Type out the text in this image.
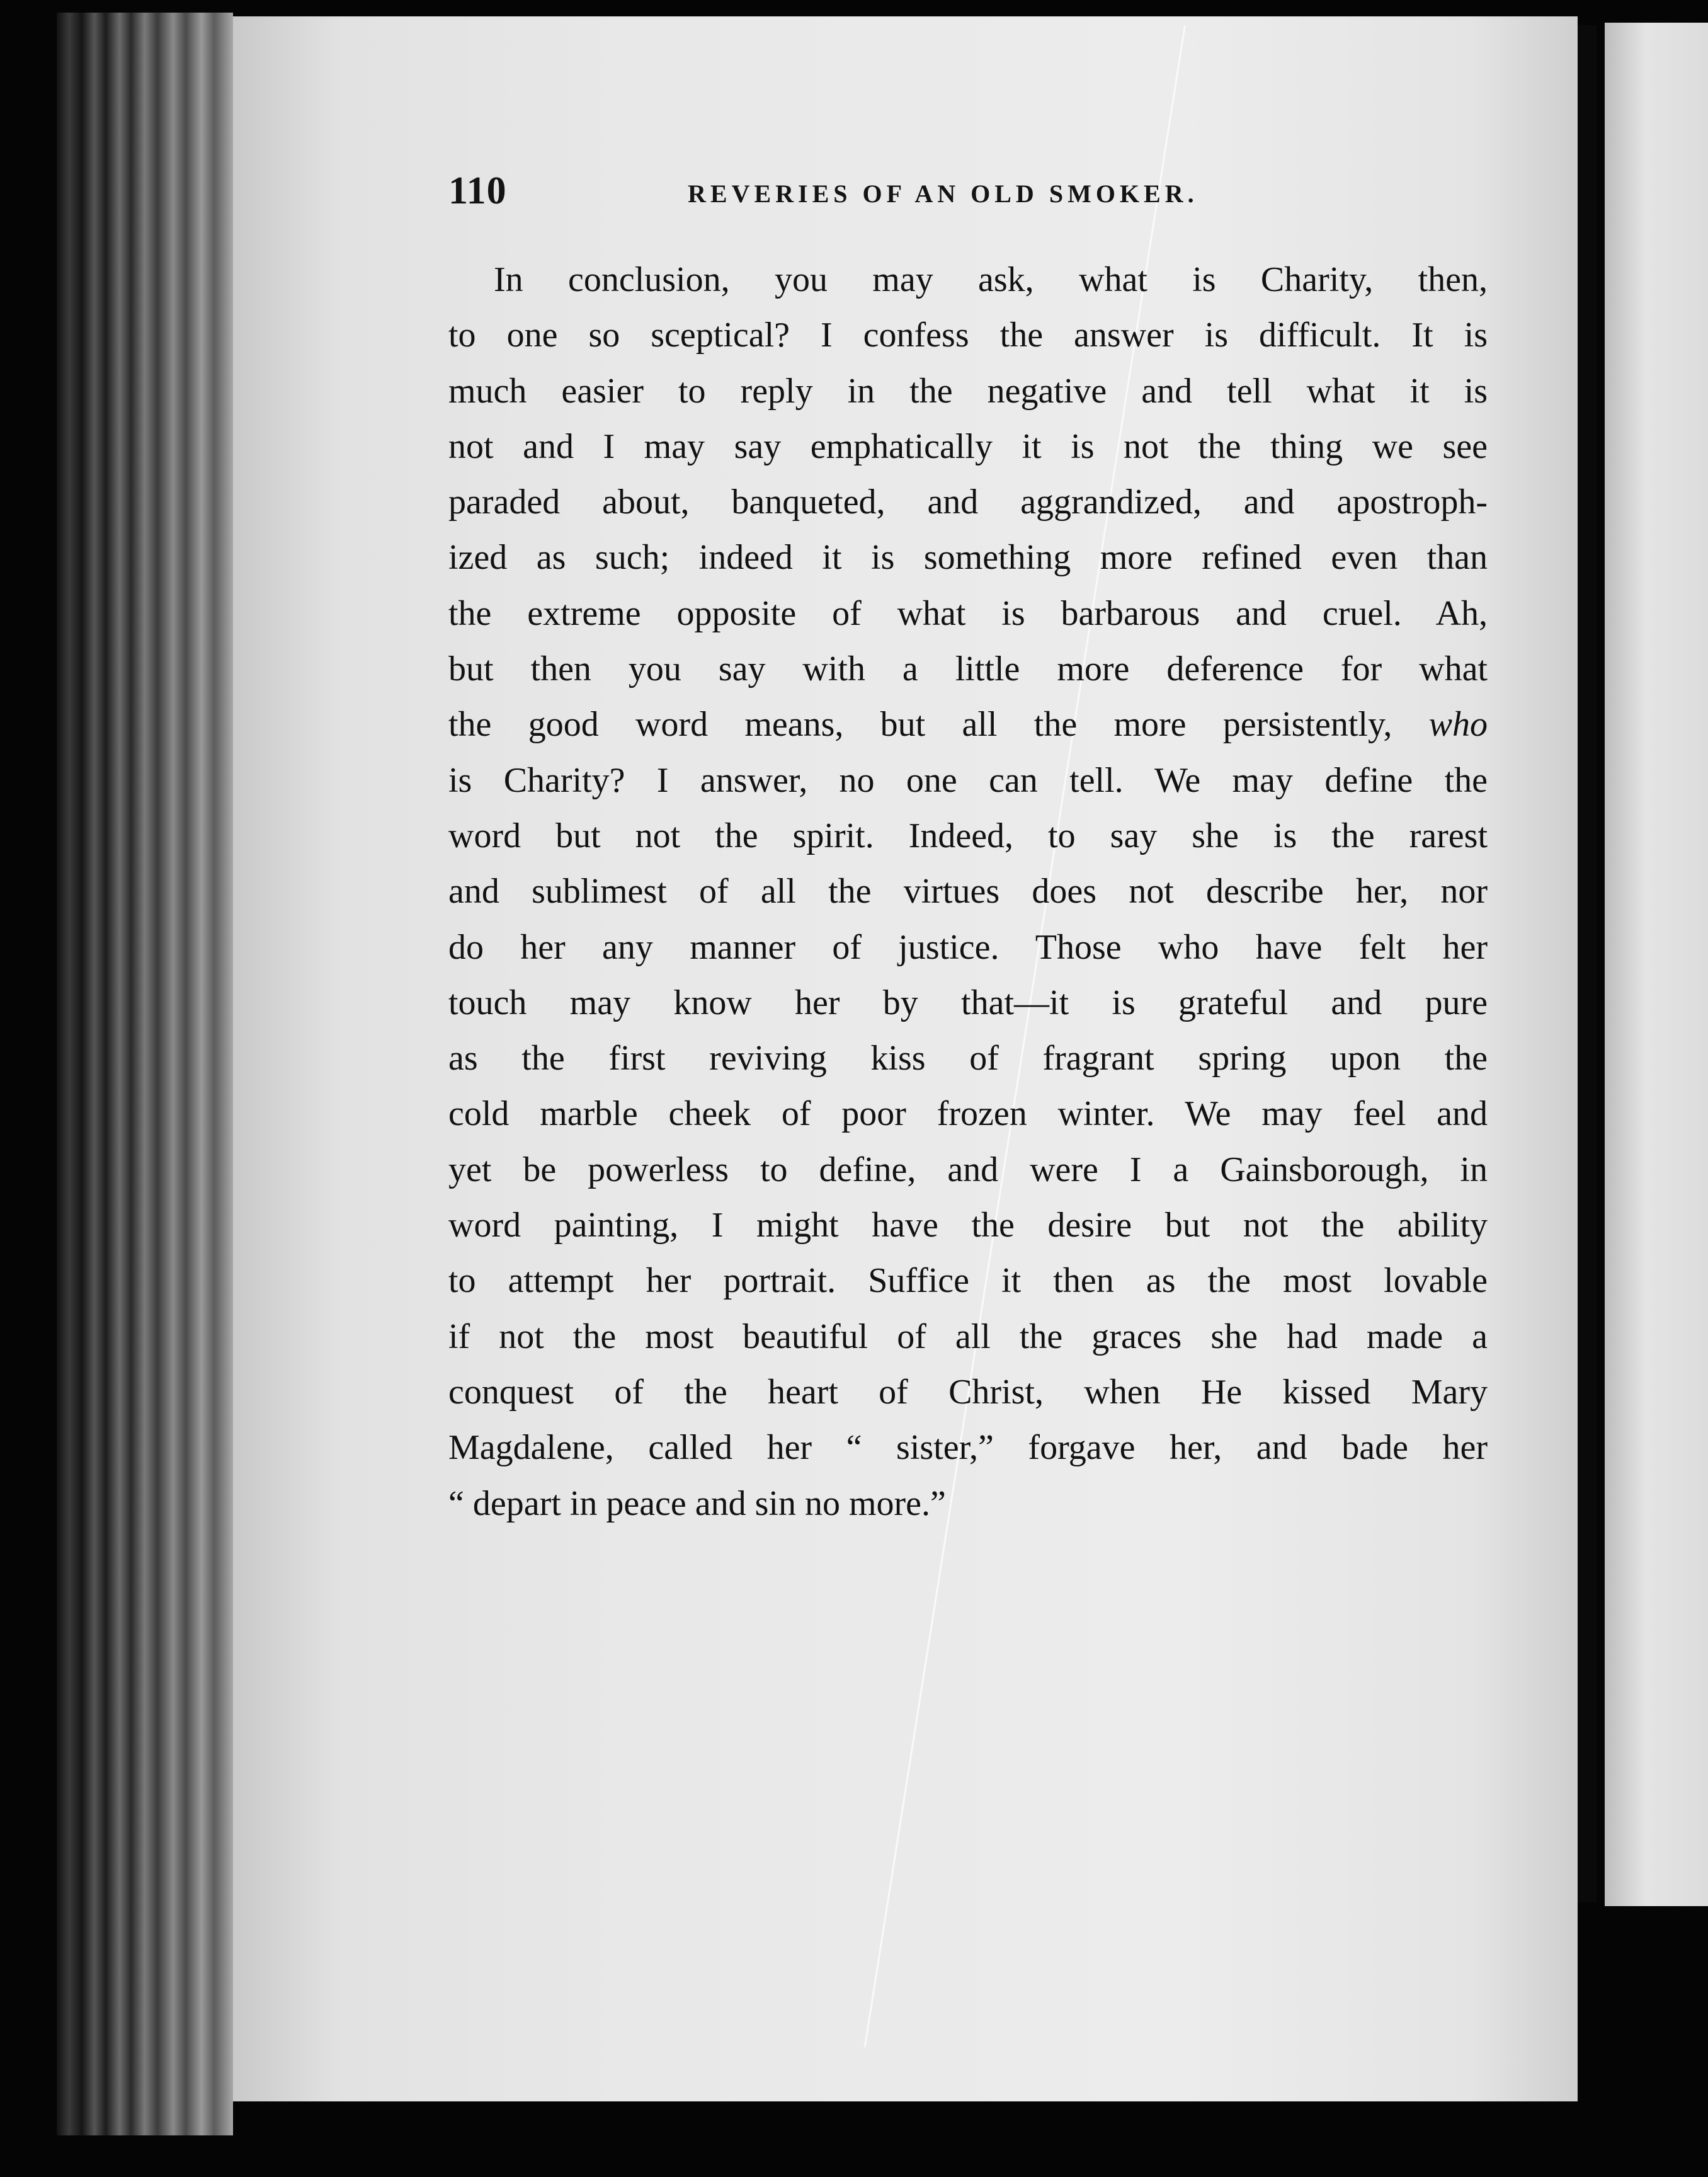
110	REVERIES OF AN OLD SMOKER.
In conclusion, you may ask, what is Charity, then,
to one so sceptical? I confess the answer is difficult. It is
much easier to reply in the negative and tell what it is
not and I may say emphatically it is not the thing we see
paraded about, banqueted, and aggrandized, and apostroph-
ized as such; indeed it is something more refined even than
the extreme opposite of what is barbarous and cruel. Ah,
but then you say with a little more deference for what
the good word means, but all the more persistently, who
is Charity? I answer, no one can tell. We may define the
word but not the spirit. Indeed, to say she is the rarest
and sublimest of all the virtues does not describe her, nor
do her any manner of justice. Those who have felt her
touch may know her by that—it is grateful and pure
as the first reviving kiss of fragrant spring upon the
cold marble cheek of poor frozen winter. We may feel and
yet be powerless to define, and were I a Gainsborough, in
word painting, I might have the desire but not the ability
to attempt her portrait. Suffice it then as the most lovable
if not the most beautiful of all the graces she had made a
conquest of the heart of Christ, when He kissed Mary
Magdalene, called her “ sister,” forgave her, and bade her
“ depart in peace and sin no more.”
